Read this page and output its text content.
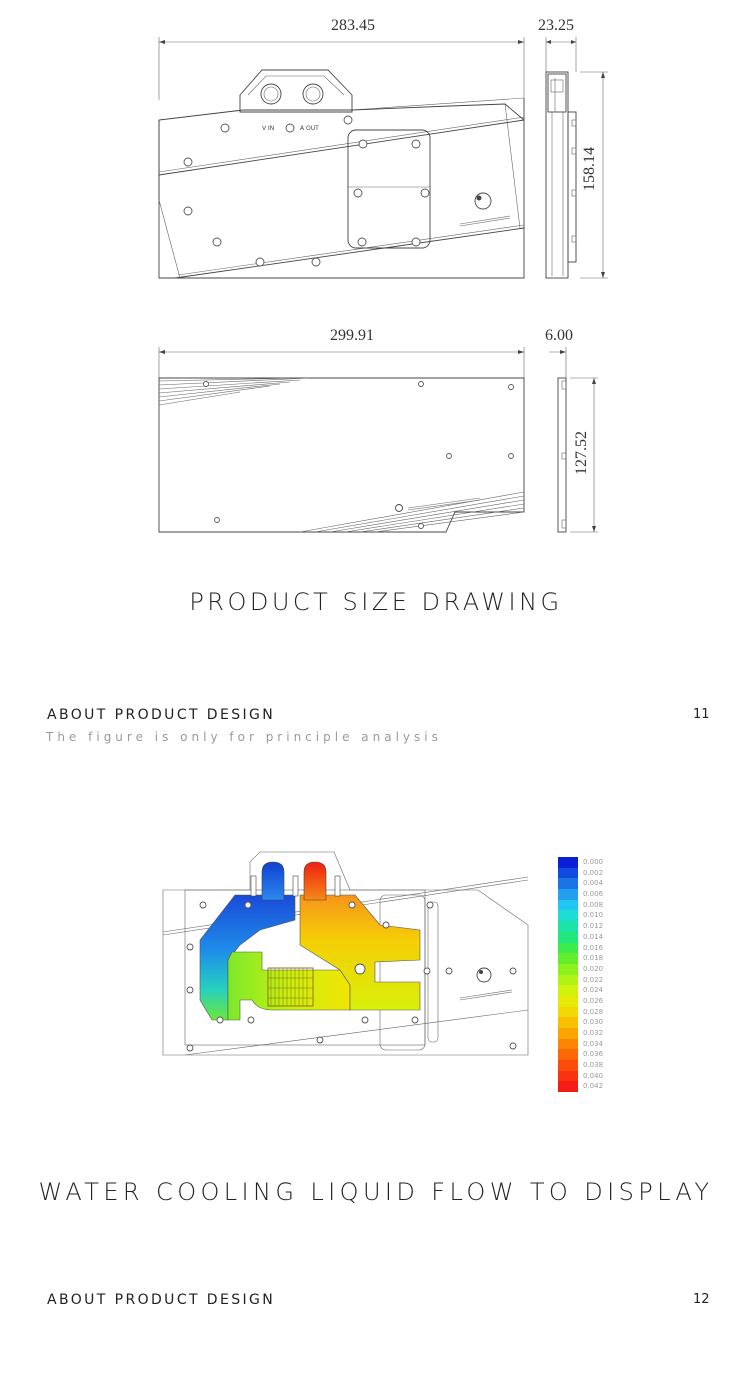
V IN	A OUT
283.45	23.25
158.14
299.91	6.00
127.52
PRODUCT SIZE DRAWING
ABOUT PRODUCT DESIGN	11
The figure is only for principle analysis
0.000
0.002
0.004
0.006
0.008
0.010
0.012
0.014
0.016
0.018
0.020
0.022
0.024
0.026
0.028
0.030
0.032
0.034
0.036
0.038
0.040
0.042
WATER COOLING LIQUID FLOW TO DISPLAY
ABOUT PRODUCT DESIGN	12
